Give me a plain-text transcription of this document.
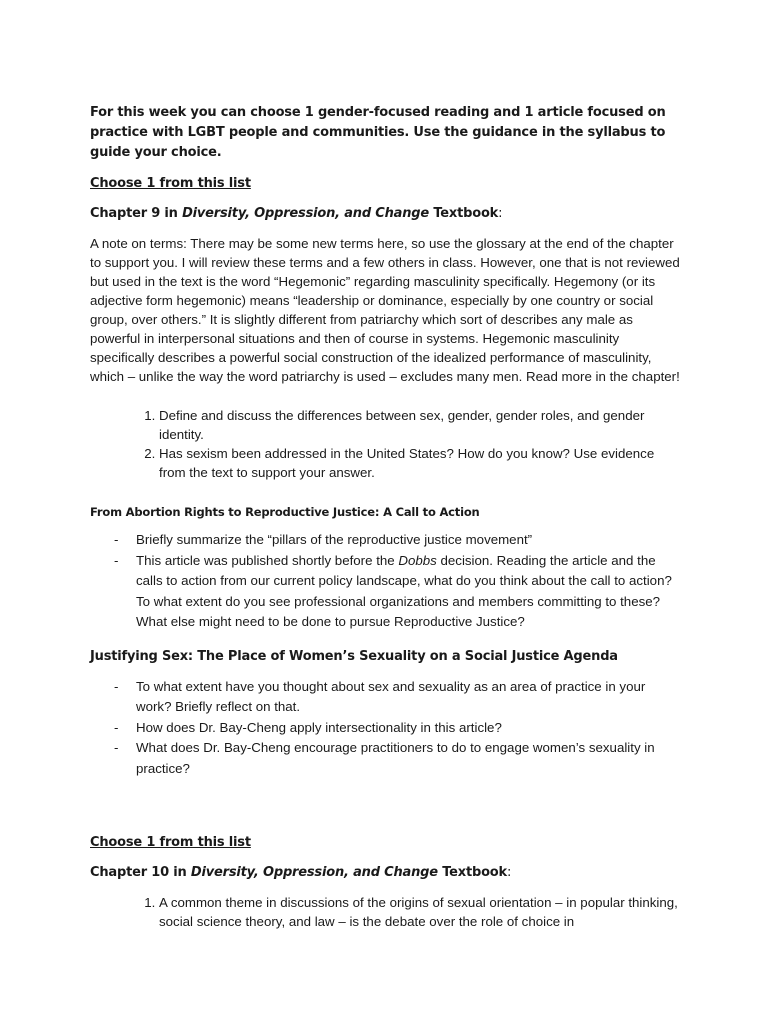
For this week you can choose 1 gender-focused reading and 1 article focused on practice with LGBT people and communities. Use the guidance in the syllabus to guide your choice.

Choose 1 from this list

Chapter 9 in Diversity, Oppression, and Change Textbook:

A note on terms: There may be some new terms here, so use the glossary at the end of the chapter to support you. I will review these terms and a few others in class. However, one that is not reviewed but used in the text is the word “Hegemonic” regarding masculinity specifically. Hegemony (or its adjective form hegemonic) means “leadership or dominance, especially by one country or social group, over others.” It is slightly different from patriarchy which sort of describes any male as powerful in interpersonal situations and then of course in systems. Hegemonic masculinity specifically describes a powerful social construction of the idealized performance of masculinity, which – unlike the way the word patriarchy is used – excludes many men. Read more in the chapter!

1. Define and discuss the differences between sex, gender, gender roles, and gender identity.
2. Has sexism been addressed in the United States? How do you know? Use evidence from the text to support your answer.

From Abortion Rights to Reproductive Justice: A Call to Action

- Briefly summarize the “pillars of the reproductive justice movement”
- This article was published shortly before the Dobbs decision. Reading the article and the calls to action from our current policy landscape, what do you think about the call to action? To what extent do you see professional organizations and members committing to these? What else might need to be done to pursue Reproductive Justice?

Justifying Sex: The Place of Women’s Sexuality on a Social Justice Agenda

- To what extent have you thought about sex and sexuality as an area of practice in your work? Briefly reflect on that.
- How does Dr. Bay-Cheng apply intersectionality in this article?
- What does Dr. Bay-Cheng encourage practitioners to do to engage women’s sexuality in practice?

Choose 1 from this list

Chapter 10 in Diversity, Oppression, and Change Textbook:

1. A common theme in discussions of the origins of sexual orientation – in popular thinking, social science theory, and law – is the debate over the role of choice in
